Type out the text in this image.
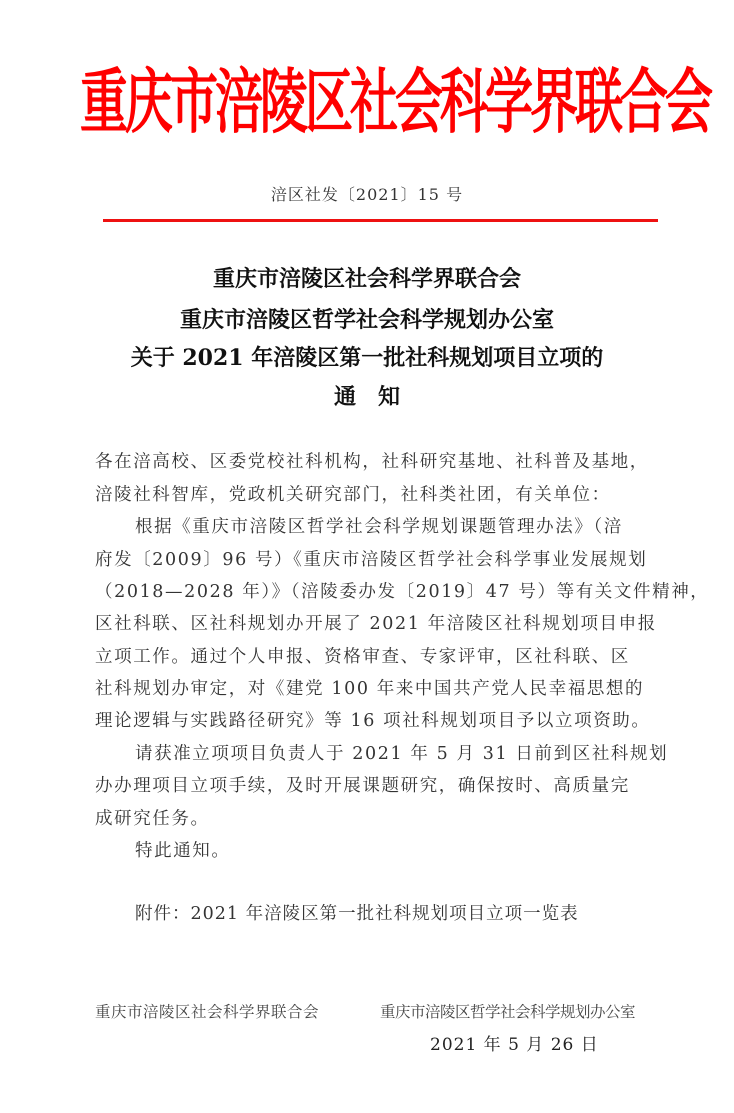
重庆市涪陵区社会科学界联合会
涪区社发〔2021〕15 号
重庆市涪陵区社会科学界联合会
重庆市涪陵区哲学社会科学规划办公室
关于 2021 年涪陵区第一批社科规划项目立项的
通　知
各在涪高校、区委党校社科机构，社科研究基地、社科普及基地，
涪陵社科智库，党政机关研究部门，社科类社团，有关单位：
根据《重庆市涪陵区哲学社会科学规划课题管理办法》（涪
府发〔2009〕96 号）《重庆市涪陵区哲学社会科学事业发展规划
（2018—2028 年）》（涪陵委办发〔2019〕47 号）等有关文件精神，
区社科联、区社科规划办开展了 2021 年涪陵区社科规划项目申报
立项工作。通过个人申报、资格审查、专家评审，区社科联、区
社科规划办审定，对《建党 100 年来中国共产党人民幸福思想的
理论逻辑与实践路径研究》等 16 项社科规划项目予以立项资助。
请获准立项项目负责人于 2021 年 5 月 31 日前到区社科规划
办办理项目立项手续，及时开展课题研究，确保按时、高质量完
成研究任务。
特此通知。
附件：2021 年涪陵区第一批社科规划项目立项一览表
重庆市涪陵区社会科学界联合会	重庆市涪陵区哲学社会科学规划办公室
2021 年 5 月 26 日
